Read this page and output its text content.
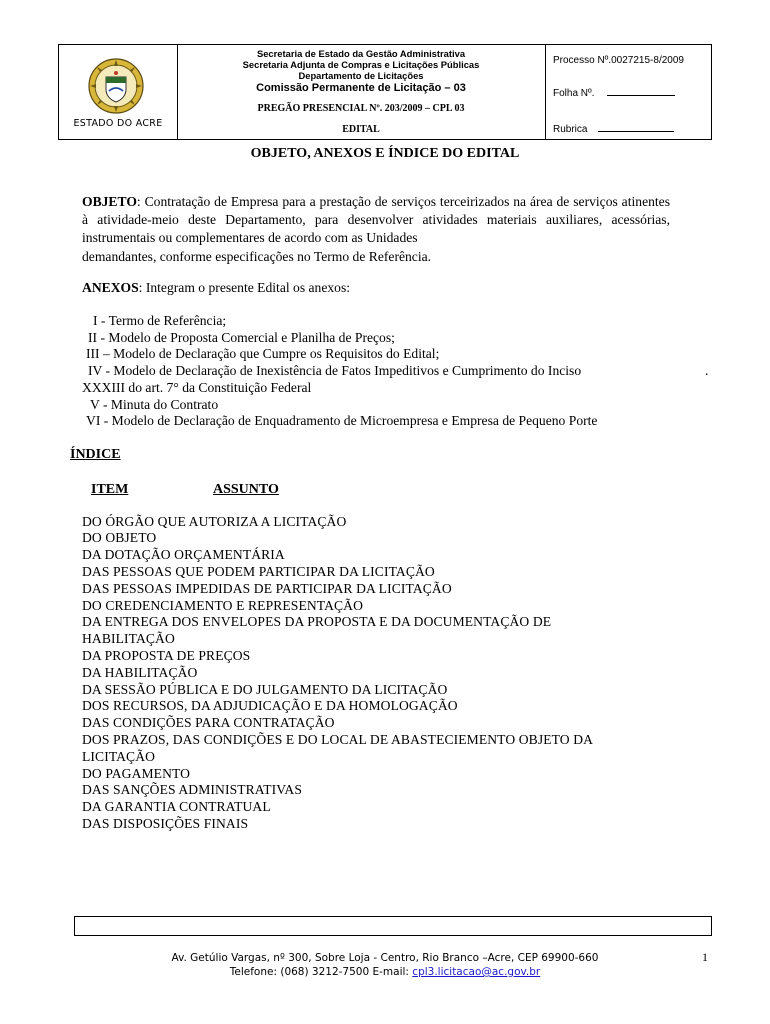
ESTADO DO ACRE
Secretaria de Estado da Gestão Administrativa
Secretaria Adjunta de Compras e Licitações Públicas
Departamento de Licitações
Comissão Permanente de Licitação – 03
PREGÃO PRESENCIAL Nº. 203/2009 – CPL 03
EDITAL
Processo Nº.0027215-8/2009
Folha Nº.
Rubrica
OBJETO, ANEXOS E ÍNDICE DO EDITAL
OBJETO: Contratação de Empresa para a prestação de serviços terceirizados na área de serviços atinentes à atividade-meio deste Departamento, para desenvolver atividades materiais auxiliares, acessórias, instrumentais ou complementares de acordo com as Unidades
demandantes, conforme especificações no Termo de Referência.
ANEXOS: Integram o presente Edital os anexos:
I - Termo de Referência;
II - Modelo de Proposta Comercial e Planilha de Preços;
III – Modelo de Declaração que Cumpre os Requisitos do Edital;
IV - Modelo de Declaração de Inexistência de Fatos Impeditivos e Cumprimento do Inciso	.
XXXIII do art. 7° da Constituição Federal
V - Minuta do Contrato
VI - Modelo de Declaração de Enquadramento de Microempresa e Empresa de Pequeno Porte
ÍNDICE
ITEM	ASSUNTO
DO ÓRGÃO QUE AUTORIZA A LICITAÇÃO
DO OBJETO
DA DOTAÇÃO ORÇAMENTÁRIA
DAS PESSOAS QUE PODEM PARTICIPAR DA LICITAÇÃO
DAS PESSOAS IMPEDIDAS DE PARTICIPAR DA LICITAÇÃO
DO CREDENCIAMENTO E REPRESENTAÇÃO
DA ENTREGA DOS ENVELOPES DA PROPOSTA E DA DOCUMENTAÇÃO DE
HABILITAÇÃO
DA PROPOSTA DE PREÇOS
DA HABILITAÇÃO
DA SESSÃO PÚBLICA E DO JULGAMENTO DA LICITAÇÃO
DOS RECURSOS, DA ADJUDICAÇÃO E DA HOMOLOGAÇÃO
DAS CONDIÇÕES PARA CONTRATAÇÃO
DOS PRAZOS, DAS CONDIÇÕES E DO LOCAL DE ABASTECIEMENTO OBJETO DA
LICITAÇÃO
DO PAGAMENTO
DAS SANÇÕES ADMINISTRATIVAS
DA GARANTIA CONTRATUAL
DAS DISPOSIÇÕES FINAIS
Av. Getúlio Vargas, nº 300, Sobre Loja - Centro, Rio Branco –Acre, CEP 69900-660
Telefone: (068) 3212-7500 E-mail: cpl3.licitacao@ac.gov.br
1
